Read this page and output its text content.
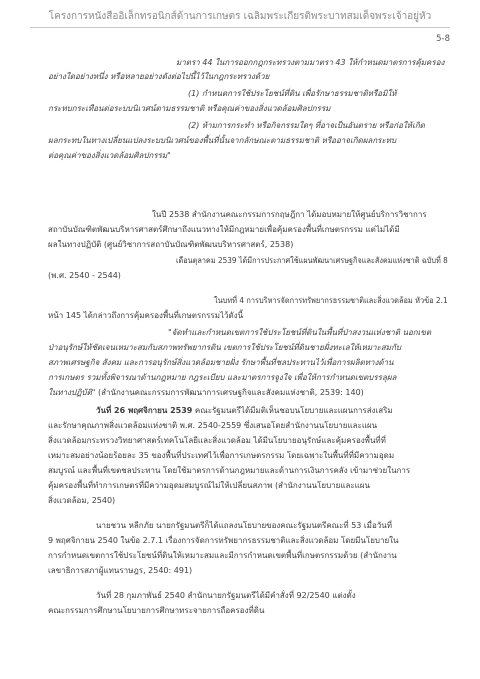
โครงการหนังสืออิเล็กทรอนิกส์ด้านการเกษตร เฉลิมพระเกียรติพระบาทสมเด็จพระเจ้าอยู่หัว
5-8
มาตรา 44 ในการออกกฎกระทรวงตามมาตรา 43 ให้กำหนดมาตรการคุ้มครอง
อย่างใดอย่างหนึ่ง หรือหลายอย่างดังต่อไปนี้ไว้ในกฎกระทรวงด้วย
(1) กำหนดการใช้ประโยชน์ที่ดิน เพื่อรักษาธรรมชาติหรือมิให้
กระทบกระเทือนต่อระบบนิเวศน์ตามธรรมชาติ หรือคุณค่าของสิ่งแวดล้อมศิลปกรรม
(2) ห้ามการกระทำ หรือกิจกรรมใดๆ ที่อาจเป็นอันตราย หรือก่อให้เกิด
ผลกระทบในทางเปลี่ยนแปลงระบบนิเวศน์ของพื้นที่นั้นจากลักษณะตามธรรมชาติ หรืออาจเกิดผลกระทบ
ต่อคุณค่าของสิ่งแวดล้อมศิลปกรรม"
ในปี 2538 สำนักงานคณะกรรมการกฤษฎีกา ได้มอบหมายให้ศูนย์บริการวิชาการ
สถาบันบัณฑิตพัฒนบริหารศาสตร์ศึกษาถึงแนวทางให้มีกฎหมายเพื่อคุ้มครองพื้นที่เกษตรกรรม แต่ไม่ได้มี
ผลในทางปฏิบัติ (ศูนย์วิชาการสถาบันบัณฑิตพัฒนบริหารศาสตร์, 2538)
เดือนตุลาคม 2539 ได้มีการประกาศใช้แผนพัฒนาเศรษฐกิจและสังคมแห่งชาติ ฉบับที่ 8
(พ.ศ. 2540 - 2544)
ในบทที่ 4 การบริหารจัดการทรัพยากรธรรมชาติและสิ่งแวดล้อม หัวข้อ 2.1
หน้า 145 ได้กล่าวถึงการคุ้มครองพื้นที่เกษตรกรรมไว้ดังนี้
"จัดทำและกำหนดเขตการใช้ประโยชน์ที่ดินในพื้นที่ป่าสงวนแห่งชาติ นอกเขต
ป่าอนุรักษ์ให้ชัดเจนเหมาะสมกับสภาพทรัพยากรดิน เขตการใช้ประโยชน์ที่ดินชายฝั่งทะเลให้เหมาะสมกับ
สภาพเศรษฐกิจ สังคม และการอนุรักษ์สิ่งแวดล้อมชายฝั่ง รักษาพื้นที่ชลประทานไว้เพื่อการผลิตทางด้าน
การเกษตร รวมทั้งพิจารณาด้านกฎหมาย กฎระเบียบ และมาตรการจูงใจ เพื่อให้การกำหนดเขตบรรลุผล
ในทางปฏิบัติ" (สำนักงานคณะกรรมการพัฒนาการเศรษฐกิจและสังคมแห่งชาติ, 2539: 140)
วันที่ 26 พฤศจิกายน 2539 คณะรัฐมนตรีได้มีมติเห็นชอบนโยบายและแผนการส่งเสริม
และรักษาคุณภาพสิ่งแวดล้อมแห่งชาติ พ.ศ. 2540-2559 ซึ่งเสนอโดยสำนักงานนโยบายและแผน
สิ่งแวดล้อมกระทรวงวิทยาศาสตร์เทคโนโลยีและสิ่งแวดล้อม ได้มีนโยบายอนุรักษ์และคุ้มครองพื้นที่ที่
เหมาะสมอย่างน้อยร้อยละ 35 ของพื้นที่ประเทศไว้เพื่อการเกษตรกรรม โดยเฉพาะในพื้นที่ที่มีความอุดม
สมบูรณ์ และพื้นที่เขตชลประทาน โดยใช้มาตรการด้านกฎหมายและด้านการเงินการคลัง เข้ามาช่วยในการ
คุ้มครองพื้นที่ทำการเกษตรที่มีความอุดมสมบูรณ์ไม่ให้เปลี่ยนสภาพ (สำนักงานนโยบายและแผน
สิ่งแวดล้อม, 2540)
นายชวน หลีกภัย นายกรัฐมนตรีก็ได้แถลงนโยบายของคณะรัฐมนตรีคณะที่ 53 เมื่อวันที่
9 พฤศจิกายน 2540 ในข้อ 2.7.1 เรื่องการจัดการทรัพยากรธรรมชาติและสิ่งแวดล้อม โดยมีนโยบายใน
การกำหนดเขตการใช้ประโยชน์ที่ดินให้เหมาะสมและมีการกำหนดเขตพื้นที่เกษตรกรรมด้วย (สำนักงาน
เลขาธิการสภาผู้แทนราษฎร, 2540: 491)
วันที่ 28 กุมภาพันธ์ 2540 สำนักนายกรัฐมนตรีได้มีคำสั่งที่ 92/2540 แต่งตั้ง
คณะกรรมการศึกษานโยบายการศึกษาทระจายการถือครองที่ดิน
